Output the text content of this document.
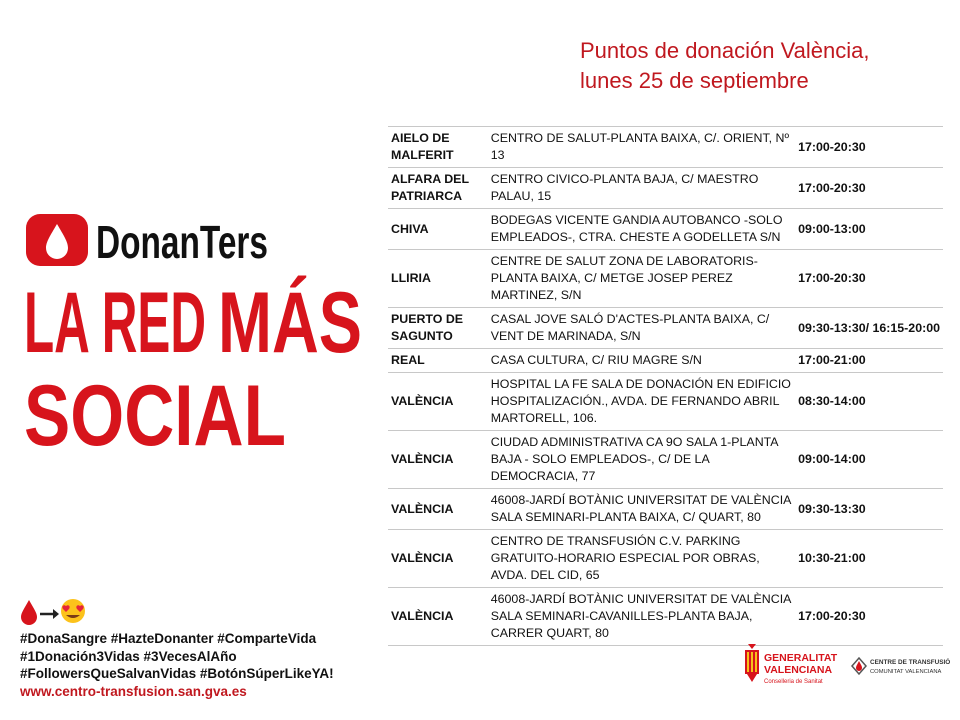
Puntos de donación València,
lunes 25 de septiembre
DonanTers
LA RED MÁS
SOCIAL
#DonaSangre #HazteDonanter #ComparteVida
#1Donación3Vidas #3VecesAlAño
#FollowersQueSalvanVidas #BotónSúperLikeYA!
www.centro-transfusion.san.gva.es
AIELO DE MALFERIT	CENTRO DE SALUT-PLANTA BAIXA, C/. ORIENT, Nº 13	17:00-20:30
ALFARA DEL PATRIARCA	CENTRO CIVICO-PLANTA BAJA, C/ MAESTRO PALAU, 15	17:00-20:30
CHIVA	BODEGAS VICENTE GANDIA AUTOBANCO -SOLO EMPLEADOS-, CTRA. CHESTE A GODELLETA S/N	09:00-13:00
LLIRIA	CENTRE DE SALUT ZONA DE LABORATORIS-PLANTA BAIXA, C/ METGE JOSEP PEREZ MARTINEZ, S/N	17:00-20:30
PUERTO DE SAGUNTO	CASAL JOVE SALÓ D'ACTES-PLANTA BAIXA, C/ VENT DE MARINADA, S/N	09:30-13:30/ 16:15-20:00
REAL	CASA CULTURA, C/ RIU MAGRE S/N	17:00-21:00
VALÈNCIA	HOSPITAL LA FE SALA DE DONACIÓN EN EDIFICIO HOSPITALIZACIÓN., AVDA. DE FERNANDO ABRIL MARTORELL, 106.	08:30-14:00
VALÈNCIA	CIUDAD ADMINISTRATIVA CA 9O SALA 1-PLANTA BAJA - SOLO EMPLEADOS-, C/ DE LA DEMOCRACIA, 77	09:00-14:00
VALÈNCIA	46008-JARDÍ BOTÀNIC UNIVERSITAT DE VALÈNCIA SALA SEMINARI-PLANTA BAIXA, C/ QUART, 80	09:30-13:30
VALÈNCIA	CENTRO DE TRANSFUSIÓN C.V. PARKING GRATUITO-HORARIO ESPECIAL POR OBRAS, AVDA. DEL CID, 65	10:30-21:00
VALÈNCIA	46008-JARDÍ BOTÀNIC UNIVERSITAT DE VALÈNCIA SALA SEMINARI-CAVANILLES-PLANTA BAJA, CARRER QUART, 80	17:00-20:30
GENERALITAT
VALENCIANA
Conselleria de Sanitat
CENTRE DE TRANSFUSIÓ
COMUNITAT VALENCIANA
